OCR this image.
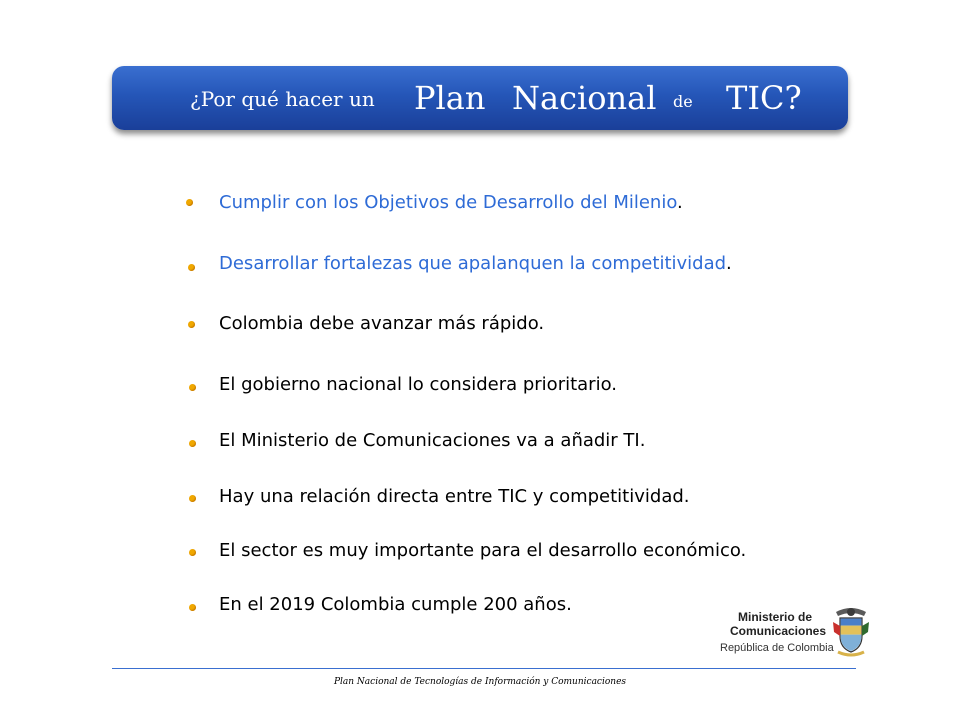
¿Por qué hacer un Plan Nacional de TIC?
Cumplir con los Objetivos de Desarrollo del Milenio.
Desarrollar fortalezas que apalanquen la competitividad.
Colombia debe avanzar más rápido.
El gobierno nacional lo considera prioritario.
El Ministerio de Comunicaciones va a añadir TI.
Hay una relación directa entre TIC y competitividad.
El sector es muy importante para el desarrollo económico.
En el 2019 Colombia cumple 200 años.
Ministerio de
Comunicaciones
República de Colombia
Plan Nacional de Tecnologías de Información y Comunicaciones
